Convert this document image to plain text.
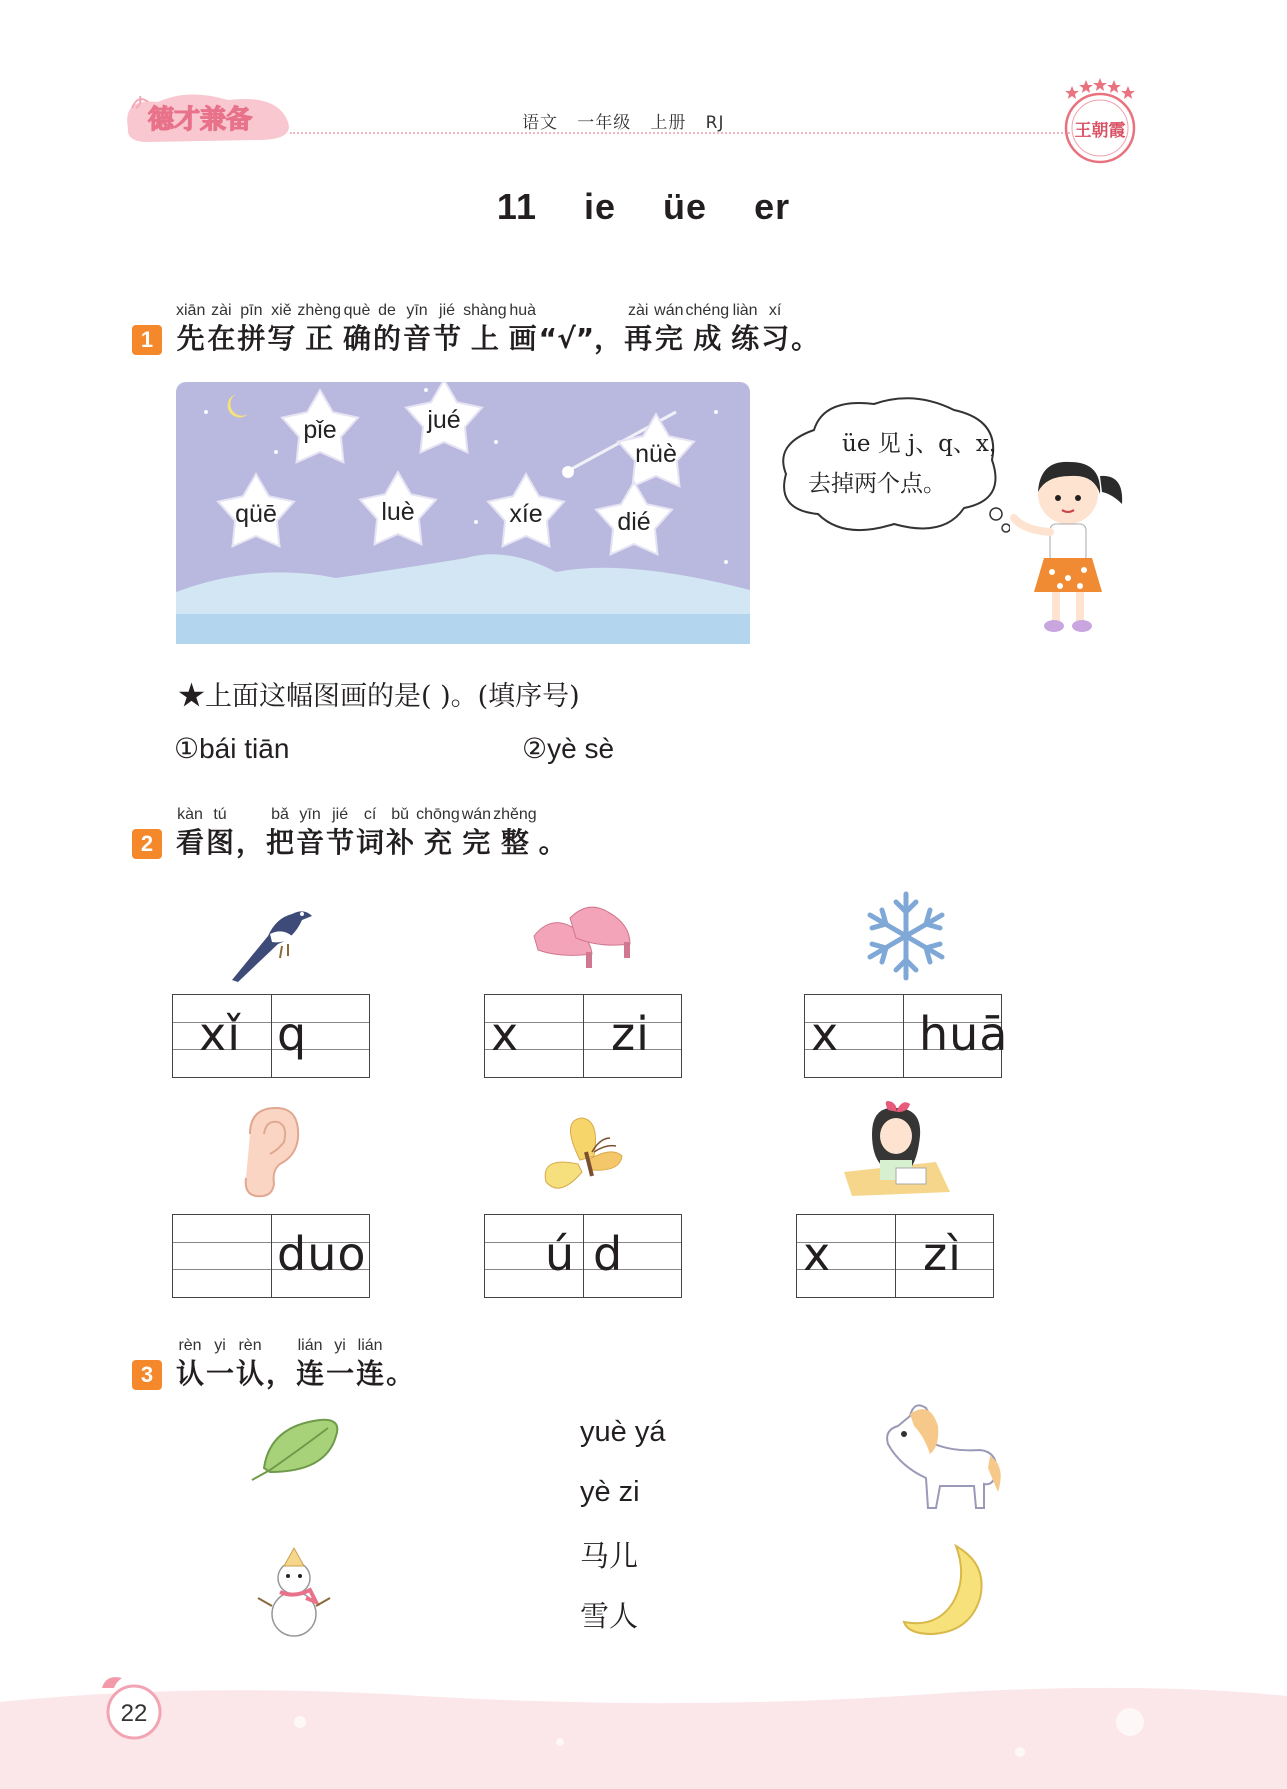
德才兼备	语文   一年级   上册   RJ	王朝霞
11 ie üe er
1
xiān
先
zài
在
pīn
拼
xiě
写
zhèng
正
què
确
de
的
yīn
音
jié
节
shàng
上
huà
画 “√”，
zài
再
wán
完
chéng
成
liàn
练
xí
习 。
pǐe	jué
nüè
qüē	luè	xíe	dié
üe 见 j、q、x，
去掉两个点。
★上面这幅图画的是( )。(填序号)
①bái tiān	②yè sè
2
kàn
看
tú
图 ，
bǎ
把
yīn
音
jié
节
cí
词
bǔ
补
chōng
充
wán
完
zhěng
整 。
xǐ q	x zi	x huā
duo	ú d	x zì
3
rèn
认
yi
一
rèn
认 ，
lián
连
yi
一
lián
连 。
yuè yá
yè zi
马儿
雪人
22
